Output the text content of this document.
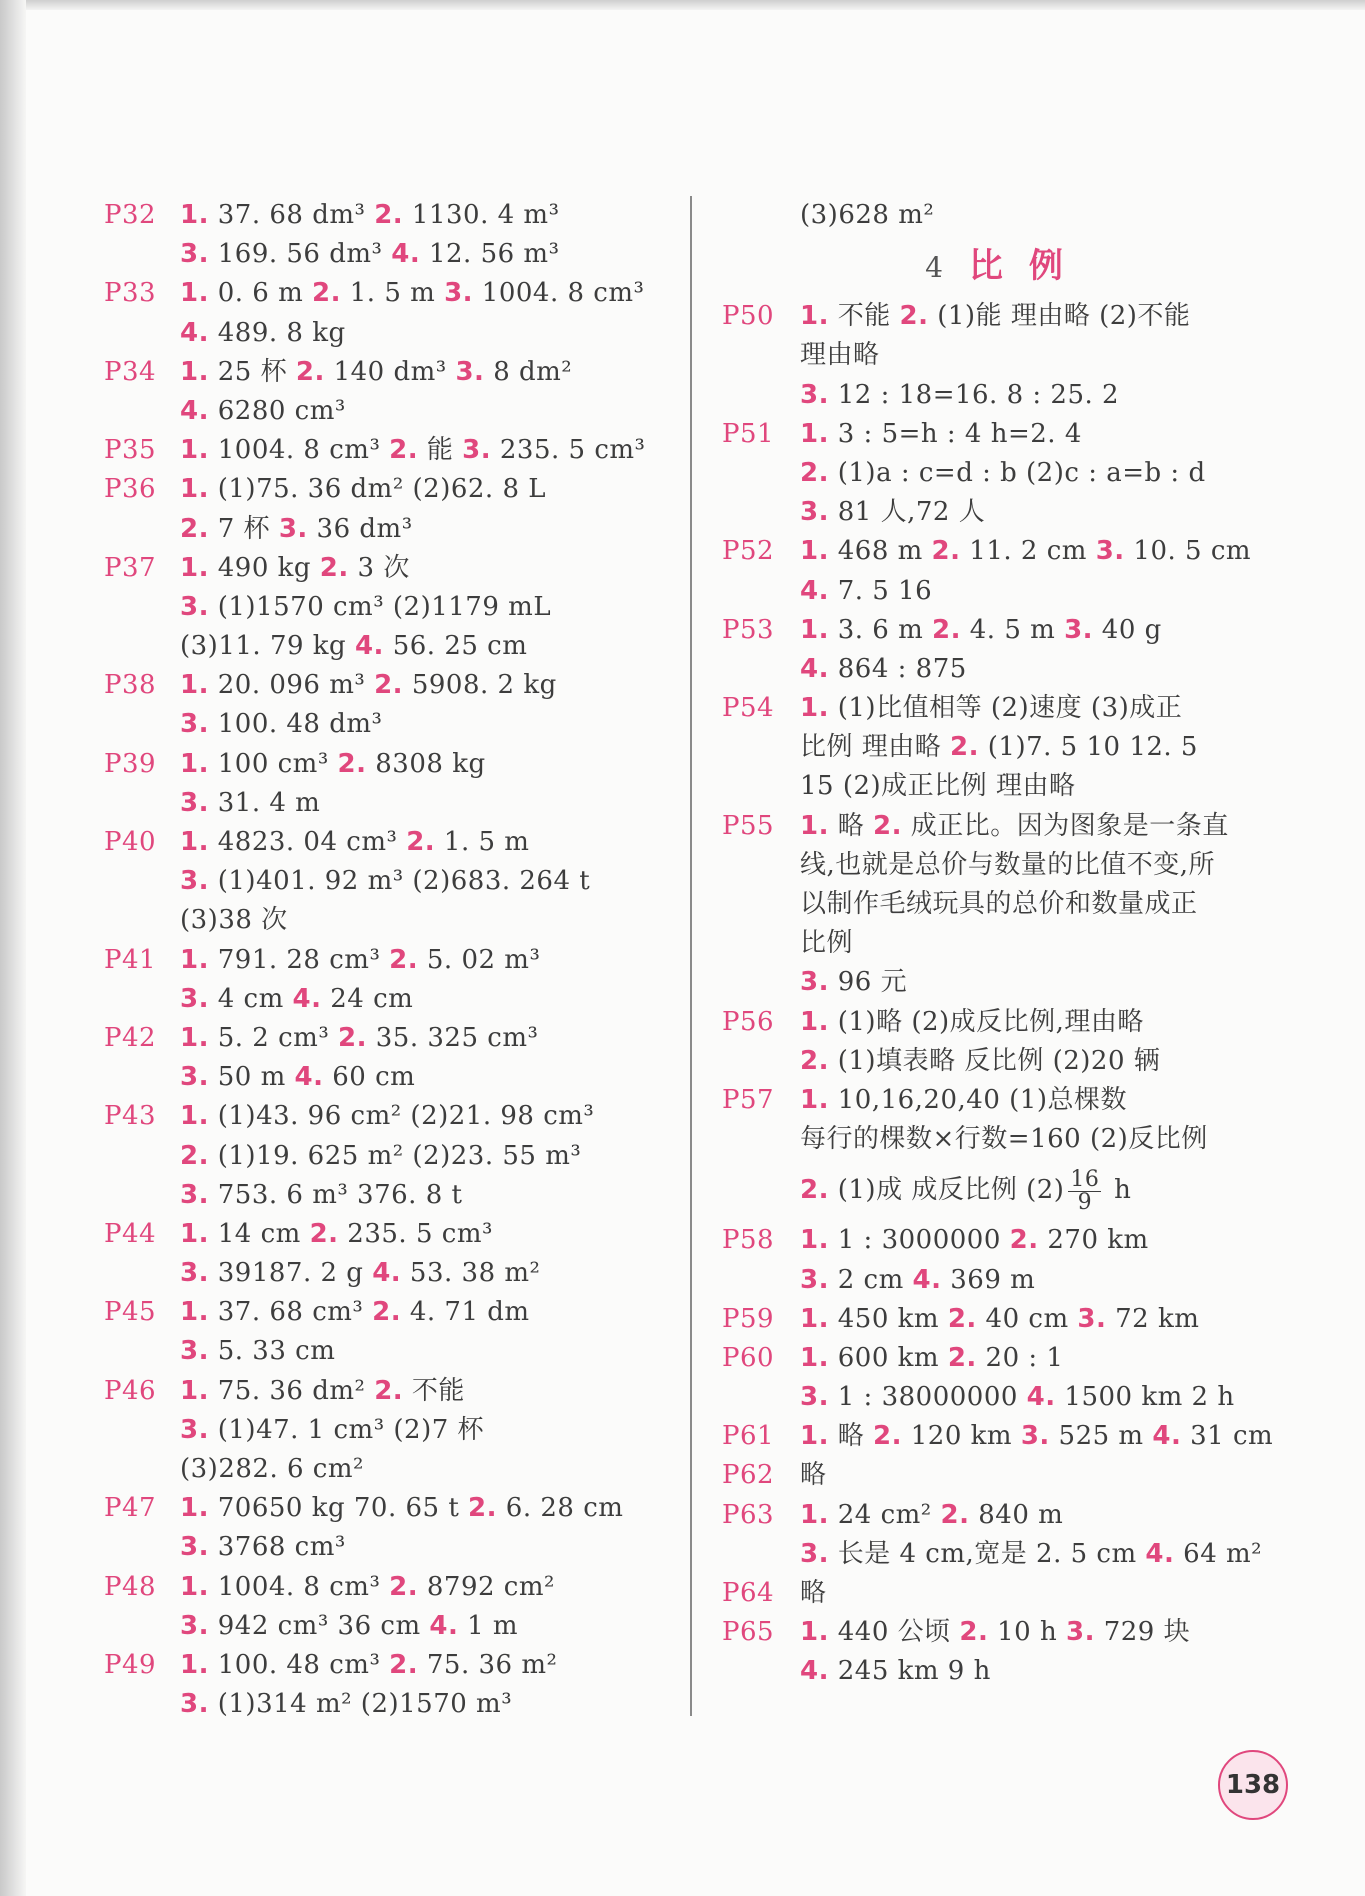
P32 1. 37. 68 dm³ 2. 1130. 4 m³
3. 169. 56 dm³ 4. 12. 56 m³
P33 1. 0. 6 m 2. 1. 5 m 3. 1004. 8 cm³
4. 489. 8 kg
P34 1. 25 杯 2. 140 dm³ 3. 8 dm²
4. 6280 cm³
P35 1. 1004. 8 cm³ 2. 能 3. 235. 5 cm³
P36 1. (1)75. 36 dm² (2)62. 8 L
2. 7 杯 3. 36 dm³
P37 1. 490 kg 2. 3 次
3. (1)1570 cm³ (2)1179 mL
(3)11. 79 kg 4. 56. 25 cm
P38 1. 20. 096 m³ 2. 5908. 2 kg
3. 100. 48 dm³
P39 1. 100 cm³ 2. 8308 kg
3. 31. 4 m
P40 1. 4823. 04 cm³ 2. 1. 5 m
3. (1)401. 92 m³ (2)683. 264 t
(3)38 次
P41 1. 791. 28 cm³ 2. 5. 02 m³
3. 4 cm 4. 24 cm
P42 1. 5. 2 cm³ 2. 35. 325 cm³
3. 50 m 4. 60 cm
P43 1. (1)43. 96 cm² (2)21. 98 cm³
2. (1)19. 625 m² (2)23. 55 m³
3. 753. 6 m³ 376. 8 t
P44 1. 14 cm 2. 235. 5 cm³
3. 39187. 2 g 4. 53. 38 m²
P45 1. 37. 68 cm³ 2. 4. 71 dm
3. 5. 33 cm
P46 1. 75. 36 dm² 2. 不能
3. (1)47. 1 cm³ (2)7 杯
(3)282. 6 cm²
P47 1. 70650 kg 70. 65 t 2. 6. 28 cm
3. 3768 cm³
P48 1. 1004. 8 cm³ 2. 8792 cm²
3. 942 cm³ 36 cm 4. 1 m
P49 1. 100. 48 cm³ 2. 75. 36 m²
3. (1)314 m² (2)1570 m³
(3)628 m²
4 比例
P50 1. 不能 2. (1)能 理由略 (2)不能
理由略
3. 12 : 18=16. 8 : 25. 2
P51 1. 3 : 5=h : 4 h=2. 4
2. (1)a : c=d : b (2)c : a=b : d
3. 81 人,72 人
P52 1. 468 m 2. 11. 2 cm 3. 10. 5 cm
4. 7. 5 16
P53 1. 3. 6 m 2. 4. 5 m 3. 40 g
4. 864 : 875
P54 1. (1)比值相等 (2)速度 (3)成正
比例 理由略 2. (1)7. 5 10 12. 5
15 (2)成正比例 理由略
P55 1. 略 2. 成正比。因为图象是一条直
线,也就是总价与数量的比值不变,所
以制作毛绒玩具的总价和数量成正
比例
3. 96 元
P56 1. (1)略 (2)成反比例,理由略
2. (1)填表略 反比例 (2)20 辆
P57 1. 10,16,20,40 (1)总棵数
每行的棵数×行数=160 (2)反比例
2. (1)成 成反比例 $(2) \frac{16}{9}$ h
P58 1. 1 : 3000000 2. 270 km
3. 2 cm 4. 369 m
P59 1. 450 km 2. 40 cm 3. 72 km
P60 1. 600 km 2. 20 : 1
3. 1 : 38000000 4. 1500 km 2 h
P61 1. 略 2. 120 km 3. 525 m 4. 31 cm
P62 略
P63 1. 24 cm² 2. 840 m
3. 长是 4 cm,宽是 2. 5 cm 4. 64 m²
P64 略
P65 1. 440 公顷 2. 10 h 3. 729 块
4. 245 km 9 h
138
